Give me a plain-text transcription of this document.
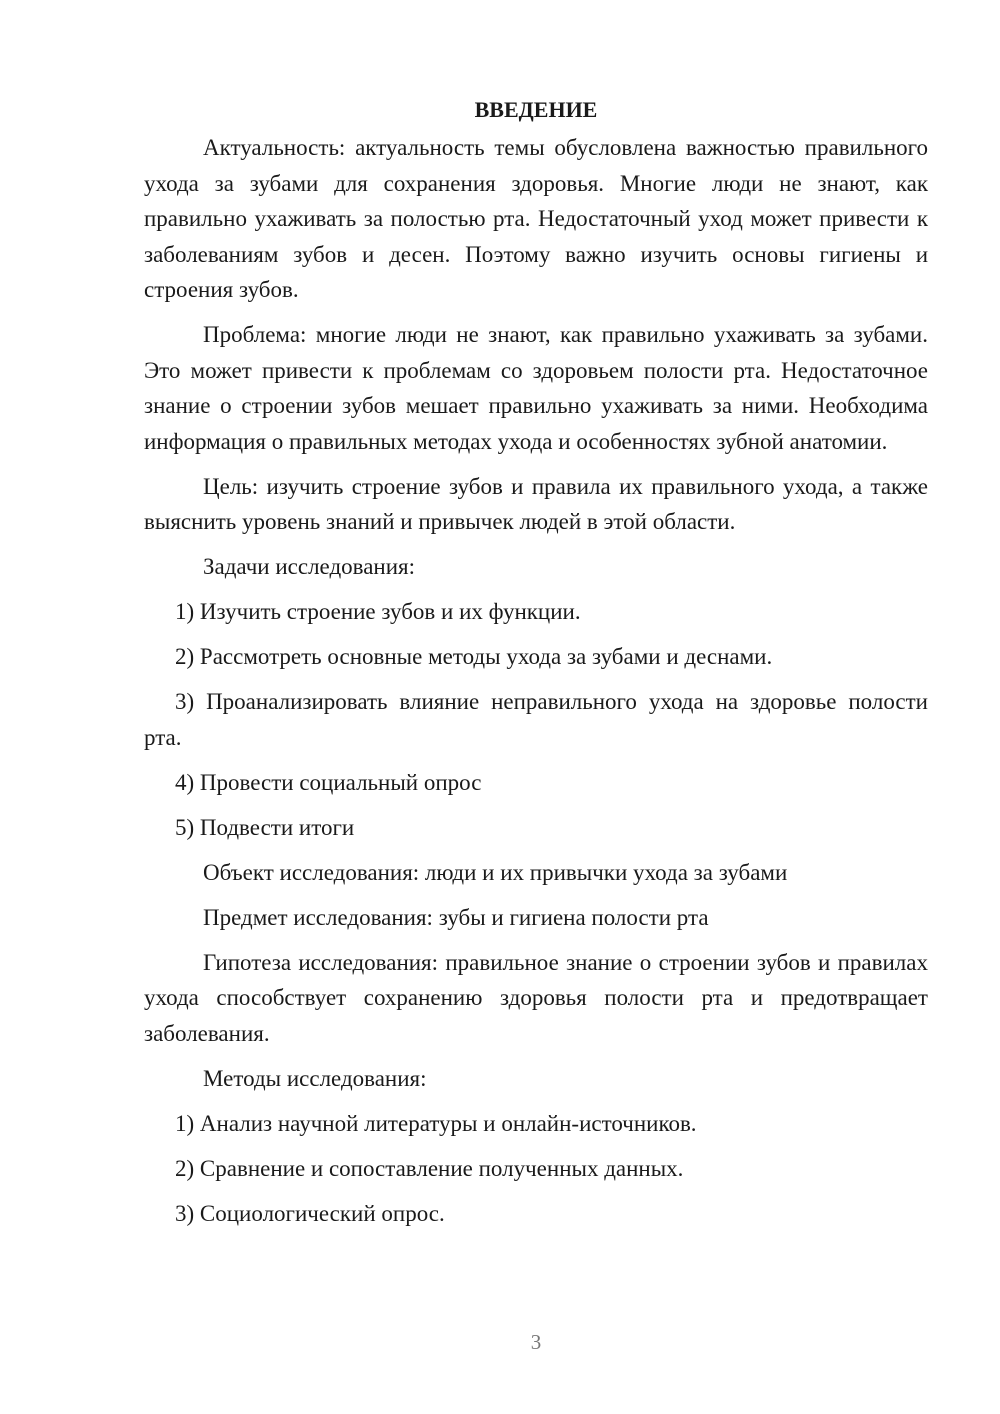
ВВЕДЕНИЕ

Актуальность: актуальность темы обусловлена важностью правильного ухода за зубами для сохранения здоровья. Многие люди не знают, как правильно ухаживать за полостью рта. Недостаточный уход может привести к заболеваниям зубов и десен. Поэтому важно изучить основы гигиены и строения зубов.

Проблема: многие люди не знают, как правильно ухаживать за зубами. Это может привести к проблемам со здоровьем полости рта. Недостаточное знание о строении зубов мешает правильно ухаживать за ними. Необходима информация о правильных методах ухода и особенностях зубной анатомии.

Цель: изучить строение зубов и правила их правильного ухода, а также выяснить уровень знаний и привычек людей в этой области.

Задачи исследования:

1) Изучить строение зубов и их функции.

2) Рассмотреть основные методы ухода за зубами и деснами.

3) Проанализировать влияние неправильного ухода на здоровье полости рта.

4) Провести социальный опрос

5) Подвести итоги

Объект исследования: люди и их привычки ухода за зубами

Предмет исследования: зубы и гигиена полости рта

Гипотеза исследования: правильное знание о строении зубов и правилах ухода способствует сохранению здоровья полости рта и предотвращает заболевания.

Методы исследования:

1) Анализ научной литературы и онлайн-источников.

2) Сравнение и сопоставление полученных данных.

3) Социологический опрос.

3
